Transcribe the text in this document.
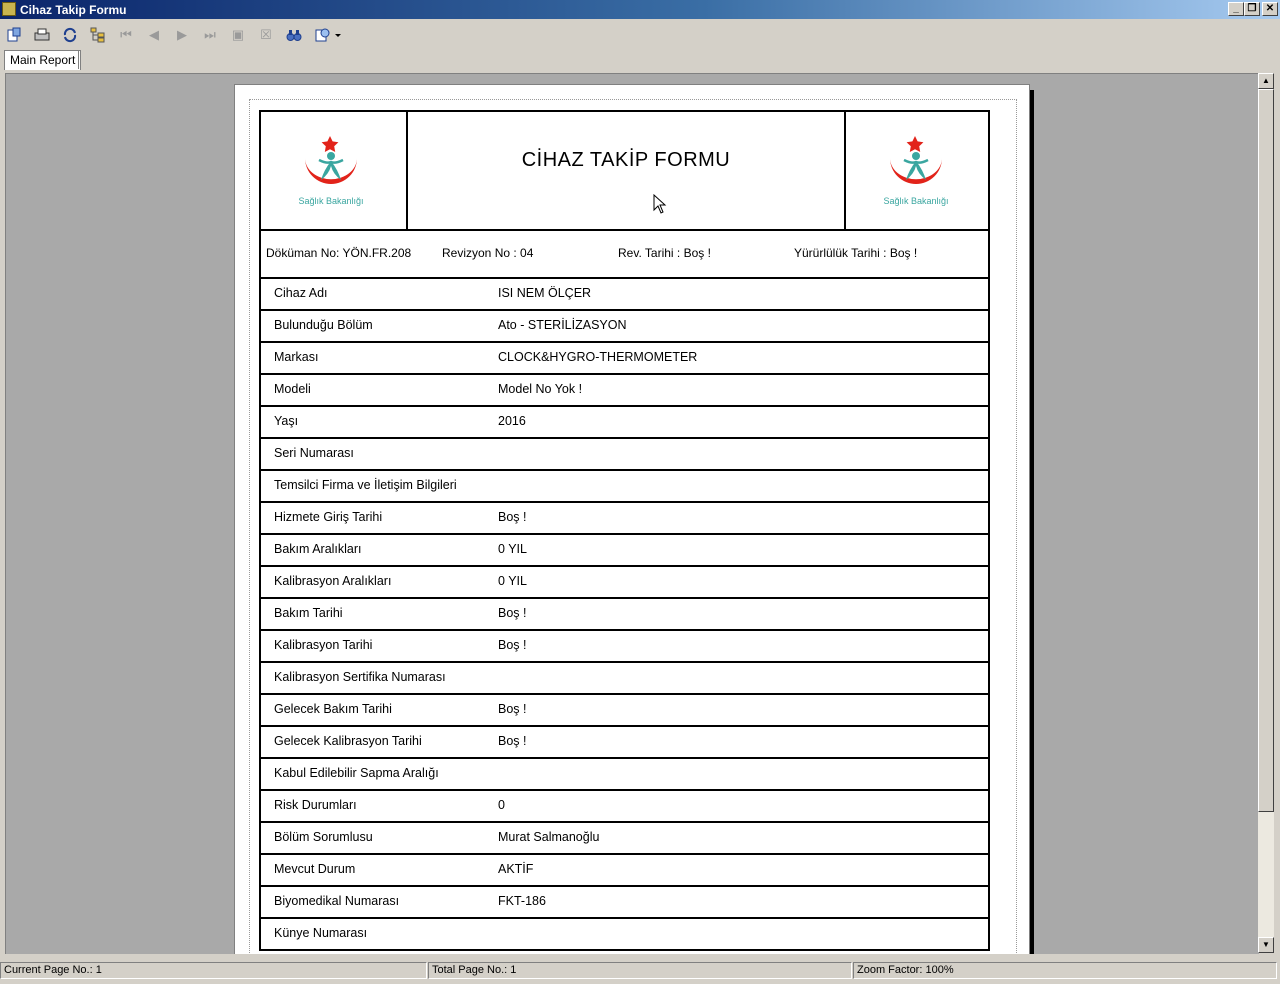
Cihaz Takip Formu	_ ❐ ✕
⏮	◀	▶	⏭	▣	☒
Main Report
Sağlık Bakanlığı
CİHAZ TAKİP FORMU
Sağlık Bakanlığı
Döküman No: YÖN.FR.208	Revizyon No : 04	Rev. Tarihi : Boş !	Yürürlülük Tarihi : Boş !
Cihaz Adı	ISI NEM ÖLÇER
Bulunduğu Bölüm	Ato - STERİLİZASYON
Markası	CLOCK&HYGRO-THERMOMETER
Modeli	Model No Yok !
Yaşı	2016
Seri Numarası
Temsilci Firma ve İletişim Bilgileri
Hizmete Giriş Tarihi	Boş !
Bakım Aralıkları	0 YIL
Kalibrasyon Aralıkları	0 YIL
Bakım Tarihi	Boş !
Kalibrasyon Tarihi	Boş !
Kalibrasyon Sertifika Numarası
Gelecek Bakım Tarihi	Boş !
Gelecek Kalibrasyon Tarihi	Boş !
Kabul Edilebilir Sapma Aralığı
Risk Durumları	0
Bölüm Sorumlusu	Murat Salmanoğlu
Mevcut Durum	AKTİF
Biyomedikal Numarası	FKT-186
Künye Numarası
▲
▼
Current Page No.: 1	Total Page No.: 1	Zoom Factor: 100%
